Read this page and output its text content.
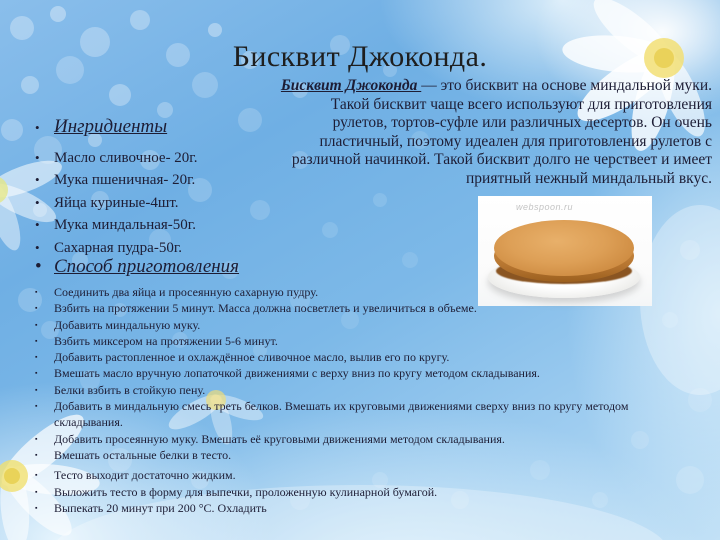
Бисквит Джоконда.
Бисквит Джоконда — это бисквит на основе миндальной муки. Такой бисквит чаще всего используют для приготовления рулетов, тортов-суфле или различных десертов. Он очень пластичный, поэтому идеален для приготовления рулетов с различной начинкой. Такой бисквит долго не черствеет и имеет приятный нежный миндальный вкус.
• Ингридиенты
• Масло сливочное- 20г.
• Мука пшеничная- 20г.
• Яйца куриные-4шт.
• Мука миндальная-50г.
• Сахарная пудра-50г.
• Способ приготовления
▪	Соединить два яйца и просеянную сахарную пудру.
▪	Взбить на протяжении 5 минут. Масса должна посветлеть и увеличиться в объеме.
▪	Добавить миндальную муку.
▪	Взбить миксером на протяжении 5-6 минут.
▪	Добавить растопленное и охлаждённое сливочное масло, вылив его по кругу.
▪	Вмешать масло вручную лопаточкой движениями с верху вниз по кругу методом складывания.
▪	Белки взбить в стойкую пену.
▪	Добавить в миндальную смесь треть белков. Вмешать их круговыми движениями сверху вниз по кругу методом складывания.
▪	Добавить просеянную муку. Вмешать её круговыми движениями методом складывания.
▪	Вмешать остальные белки в тесто.
▪	Тесто выходит достаточно жидким.
▪	Выложить тесто в форму для выпечки, проложенную кулинарной бумагой.
▪	Выпекать 20 минут при 200 °C. Охладить
webspoon.ru
